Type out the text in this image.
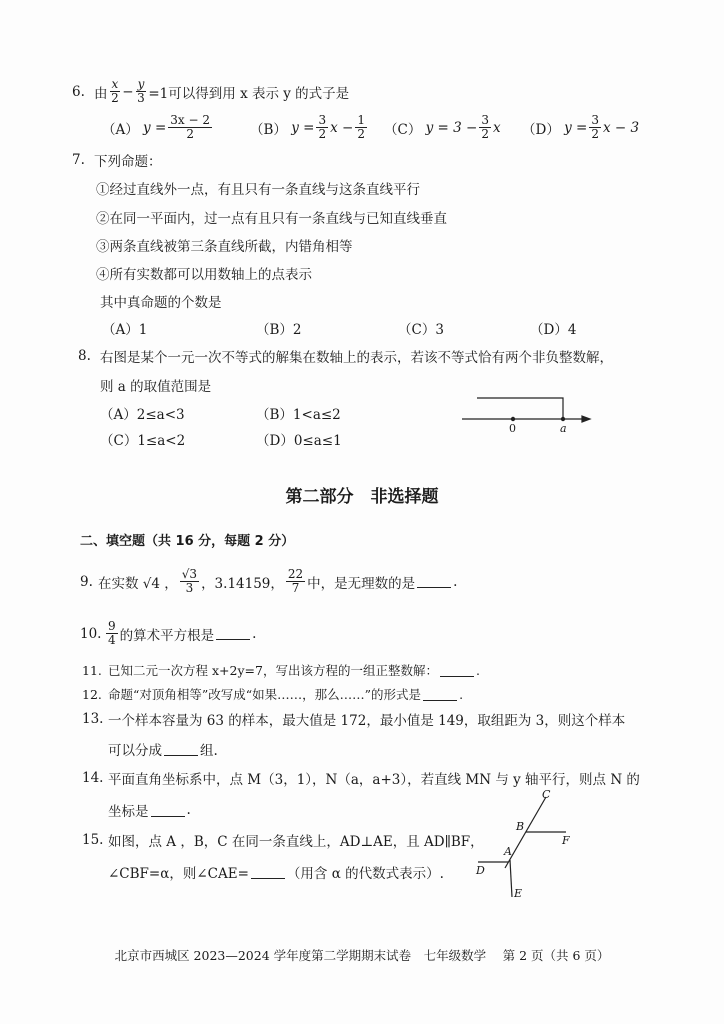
6. 由 $\frac{x}{2} - \frac{y}{3} =1$可以得到用 x 表示 y 的式子是
（A）
$y = \frac{3x - 2}{2}$	（B）
$y = \frac{3}{2}$ $x - \frac{1}{2} (C)$
$y = 3 - \frac{3}{2}$ x （D）
$y = \frac{3}{2}$ x − 3
7. 下列命题：
①经过直线外一点，有且只有一条直线与这条直线平行
②在同一平面内，过一点有且只有一条直线与已知直线垂直
③两条直线被第三条直线所截，内错角相等
④所有实数都可以用数轴上的点表示
其中真命题的个数是
（A）1	（B）2	（C）3	（D）4
8. 右图是某个一元一次不等式的解集在数轴上的表示，若该不等式恰有两个非负整数解，
则 a 的取值范围是
（A）2≤a<3	（B）1<a≤2
（C）1≤a<2	（D）0≤a≤1
0	a
第二部分　非选择题
二、填空题（共 16 分，每题 2 分）
9. 在实数 √4 ， $\frac{√3}{3}$ ，3.14159， $\frac{22}{7}$ 中，是无理数的是	.
10. $\frac{9}{4}$ 的算术平方根是	.
11. 已知二元一次方程 x+2y=7，写出该方程的一组正整数解：	.
12. 命题“对顶角相等”改写成“如果……，那么……”的形式是	.
13. 一个样本容量为 63 的样本，最大值是 172，最小值是 149，取组距为 3，则这个样本
可以分成	组.
14. 平面直角坐标系中，点 M（3，1），N（a，a+3），若直线 MN 与 y 轴平行，则点 N 的
坐标是	.
15. 如图，点 A ，B，C 在同一条直线上，AD⊥AE，且 AD∥BF，
∠CBF=α，则∠CAE=	（用含 α 的代数式表示）.
A
B
C
D
E
F
北京市西城区 2023—2024 学年度第二学期期末试卷　七年级数学　 第 2 页（共 6 页）
